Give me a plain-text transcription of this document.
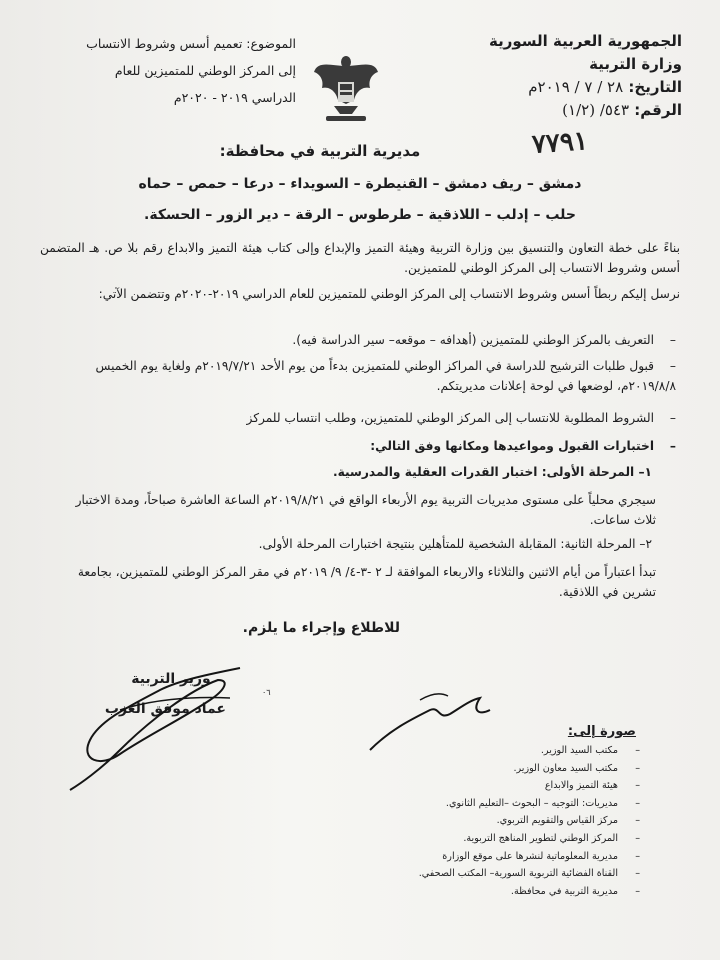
الجمهورية العربية السورية
وزارة التربية
التاريخ: ٢٨ / ٧ / ٢٠١٩م
الرقم: ٥٤٣/ (١/٢)
٧٧٩١
الموضوع: تعميم أسس وشروط الانتساب
إلى المركز الوطني للمتميزين للعام
الدراسي ٢٠١٩ - ٢٠٢٠م
مديرية التربية في محافظة:
دمشق – ريف دمشق – القنيطرة – السويداء – درعا – حمص – حماه
حلب – إدلب – اللاذقية – طرطوس – الرقة – دير الزور – الحسكة.
بناءً على خطة التعاون والتنسيق بين وزارة التربية وهيئة التميز والإبداع وإلى كتاب هيئة التميز والابداع رقم بلا ص. هـ المتضمن أسس وشروط الانتساب إلى المركز الوطني للمتميزين.
نرسل إليكم ربطاً أسس وشروط الانتساب إلى المركز الوطني للمتميزين للعام الدراسي ٢٠١٩-٢٠٢٠م وتتضمن الآتي:
–التعريف بالمركز الوطني للمتميزين (أهدافه – موقعه– سير الدراسة فيه).
–قبول طلبات الترشيح للدراسة في المراكز الوطني للمتميزين بدءاً من يوم الأحد ٢٠١٩/٧/٢١م ولغاية يوم الخميس ٢٠١٩/٨/٨م، لوضعها في لوحة إعلانات مديريتكم.
–الشروط المطلوبة للانتساب إلى المركز الوطني للمتميزين، وطلب انتساب للمركز
–اختبارات القبول ومواعيدها ومكانها وفق التالي:
١– المرحلة الأولى: اختبار القدرات العقلية والمدرسية.
سيجري محلياً على مستوى مديريات التربية يوم الأربعاء الواقع في ٢٠١٩/٨/٢١م الساعة العاشرة صباحاً، ومدة الاختبار ثلاث ساعات.
٢– المرحلة الثانية: المقابلة الشخصية للمتأهلين بنتيجة اختبارات المرحلة الأولى.
تبدأ اعتباراً من أيام الاثنين والثلاثاء والاربعاء الموافقة لـ ٢ -٣-٤/ ٩/ ٢٠١٩م في مقر المركز الوطني للمتميزين، بجامعة تشرين في اللاذقية.
للاطلاع وإجراء ما يلزم.
وزير التربية
عماد موفق العزب
٠٦
صورة إلى:
–مكتب السيد الوزير.
–مكتب السيد معاون الوزير.
–هيئة التميز والابداع
–مديريات: التوجيه – البحوث –التعليم الثانوي.
–مركز القياس والتقويم التربوي.
–المركز الوطني لتطوير المناهج التربوية.
–مديرية المعلوماتية لنشرها على موقع الوزارة
–القناة الفضائية التربوية السورية– المكتب الصحفي.
–مديرية التربية في محافظة.
